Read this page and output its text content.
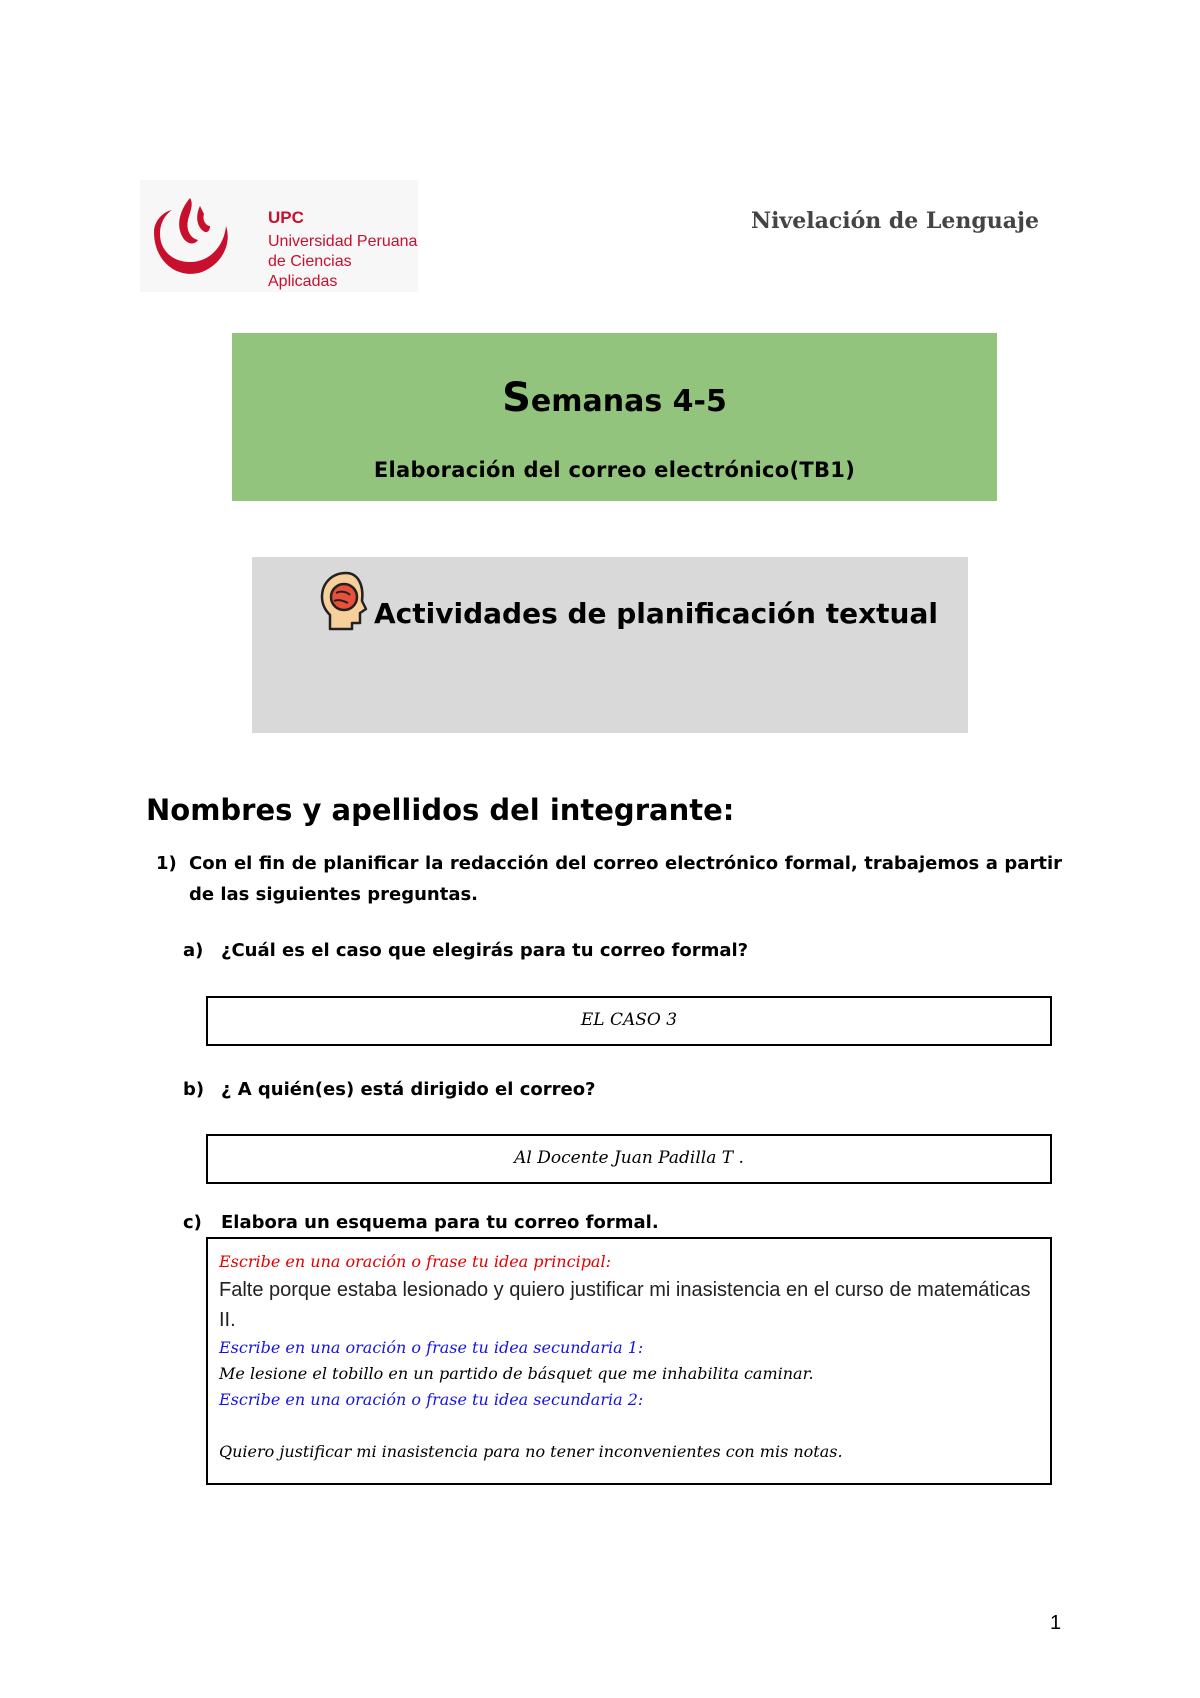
UPC
Universidad Peruana
de Ciencias Aplicadas
Nivelación de Lenguaje
Semanas 4-5
Elaboración del correo electrónico(TB1)
Actividades de planificación textual
Nombres y apellidos del integrante:
1) Con el fin de planificar la redacción del correo electrónico formal, trabajemos a partir de las siguientes preguntas.
a) ¿Cuál es el caso que elegirás para tu correo formal?
EL CASO 3
b) ¿ A quién(es) está dirigido el correo?
Al Docente Juan Padilla T .
c) Elabora un esquema para tu correo formal.
Escribe en una oración o frase tu idea principal:
Falte porque estaba lesionado y quiero justificar mi inasistencia en el curso de matemáticas II.
Escribe en una oración o frase tu idea secundaria 1:
Me lesione el tobillo en un partido de básquet que me inhabilita caminar.
Escribe en una oración o frase tu idea secundaria 2:
Quiero justificar mi inasistencia para no tener inconvenientes con mis notas.
1
